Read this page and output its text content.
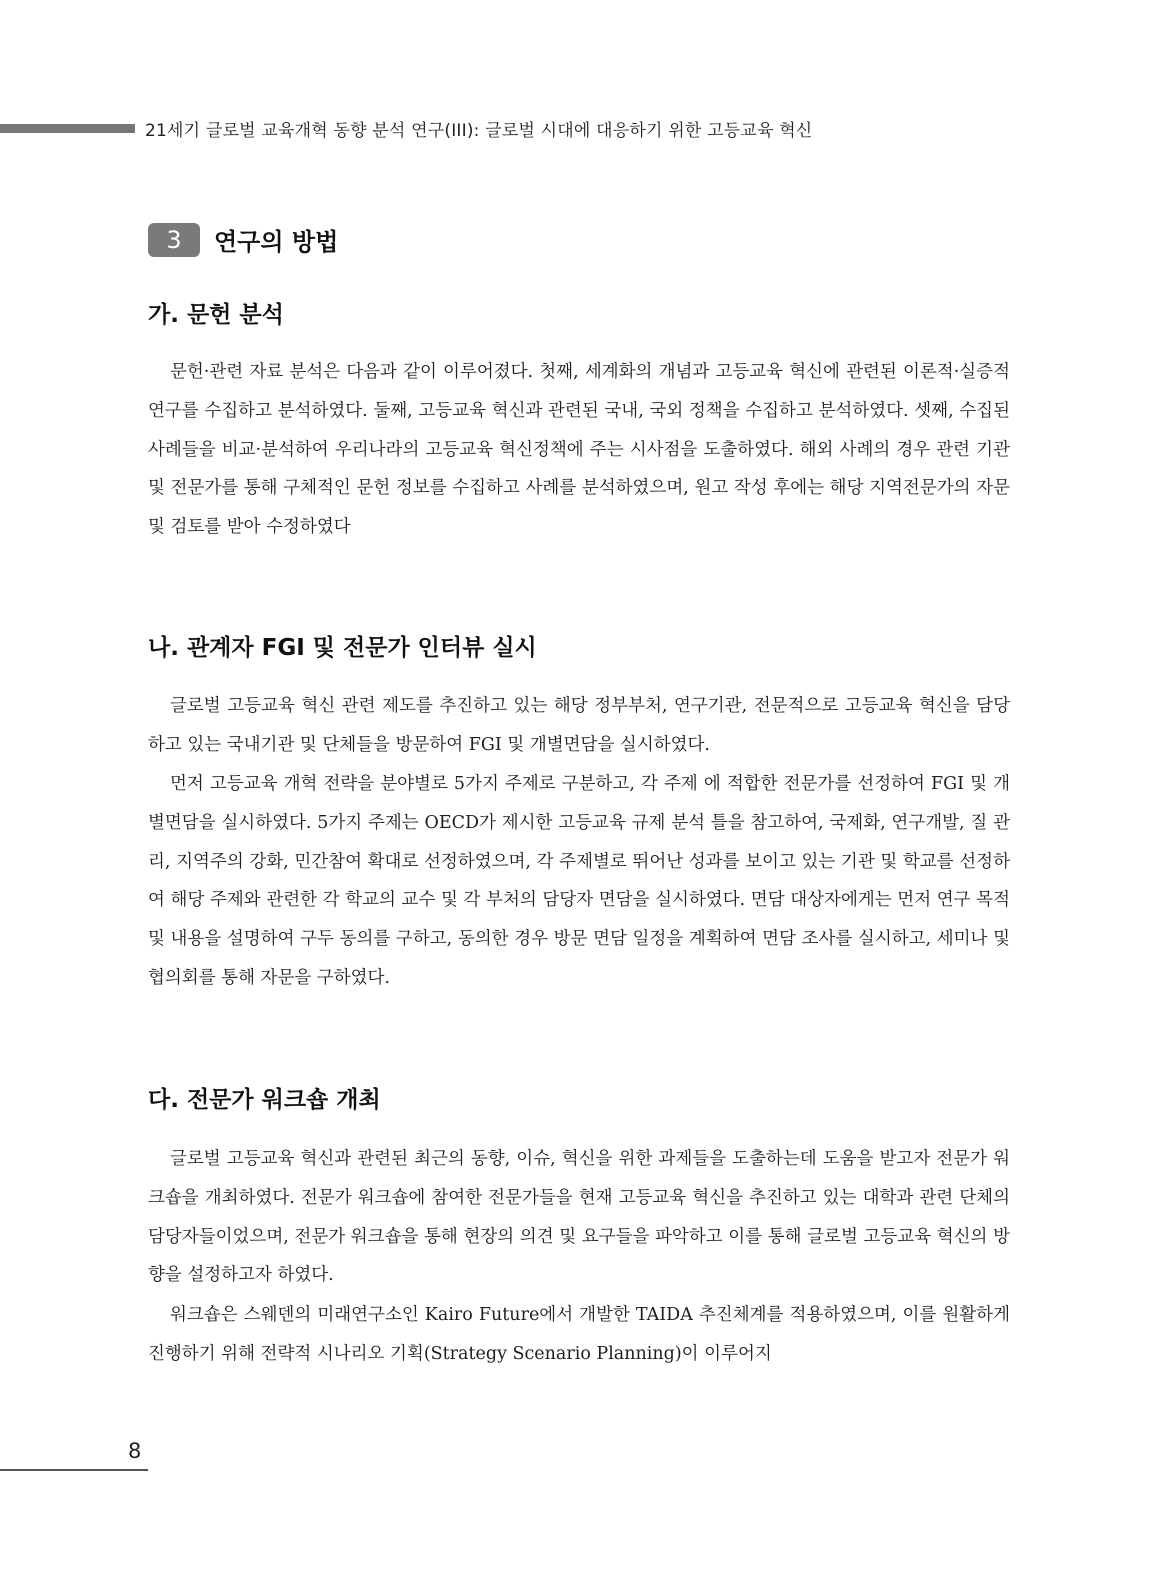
21세기 글로벌 교육개혁 동향 분석 연구(III): 글로벌 시대에 대응하기 위한 고등교육 혁신
3	연구의 방법
가. 문헌 분석

문헌·관련 자료 분석은 다음과 같이 이루어졌다. 첫째, 세계화의 개념과 고등교육 혁신에 관련된 이론적·실증적 연구를 수집하고 분석하였다. 둘째, 고등교육 혁신과 관련된 국내, 국외 정책을 수집하고 분석하였다. 셋째, 수집된 사례들을 비교·분석하여 우리나라의 고등교육 혁신정책에 주는 시사점을 도출하였다. 해외 사례의 경우 관련 기관 및 전문가를 통해 구체적인 문헌 정보를 수집하고 사례를 분석하였으며, 원고 작성 후에는 해당 지역전문가의 자문 및 검토를 받아 수정하였다

나. 관계자 FGI 및 전문가 인터뷰 실시

글로벌 고등교육 혁신 관련 제도를 추진하고 있는 해당 정부부처, 연구기관, 전문적으로 고등교육 혁신을 담당하고 있는 국내기관 및 단체들을 방문하여 FGI 및 개별면담을 실시하였다.

먼저 고등교육 개혁 전략을 분야별로 5가지 주제로 구분하고, 각 주제 에 적합한 전문가를 선정하여 FGI 및 개별면담을 실시하였다. 5가지 주제는 OECD가 제시한 고등교육 규제 분석 틀을 참고하여, 국제화, 연구개발, 질 관리, 지역주의 강화, 민간참여 확대로 선정하였으며, 각 주제별로 뛰어난 성과를 보이고 있는 기관 및 학교를 선정하여 해당 주제와 관련한 각 학교의 교수 및 각 부처의 담당자 면담을 실시하였다. 면담 대상자에게는 먼저 연구 목적 및 내용을 설명하여 구두 동의를 구하고, 동의한 경우 방문 면담 일정을 계획하여 면담 조사를 실시하고, 세미나 및 협의회를 통해 자문을 구하였다.

다. 전문가 워크숍 개최

글로벌 고등교육 혁신과 관련된 최근의 동향, 이슈, 혁신을 위한 과제들을 도출하는데 도움을 받고자 전문가 워크숍을 개최하였다. 전문가 워크숍에 참여한 전문가들을 현재 고등교육 혁신을 추진하고 있는 대학과 관련 단체의 담당자들이었으며, 전문가 워크숍을 통해 현장의 의견 및 요구들을 파악하고 이를 통해 글로벌 고등교육 혁신의 방향을 설정하고자 하였다.

워크숍은 스웨덴의 미래연구소인 Kairo Future에서 개발한 TAIDA 추진체계를 적용하였으며, 이를 원활하게 진행하기 위해 전략적 시나리오 기획(Strategy Scenario Planning)이 이루어지

8
